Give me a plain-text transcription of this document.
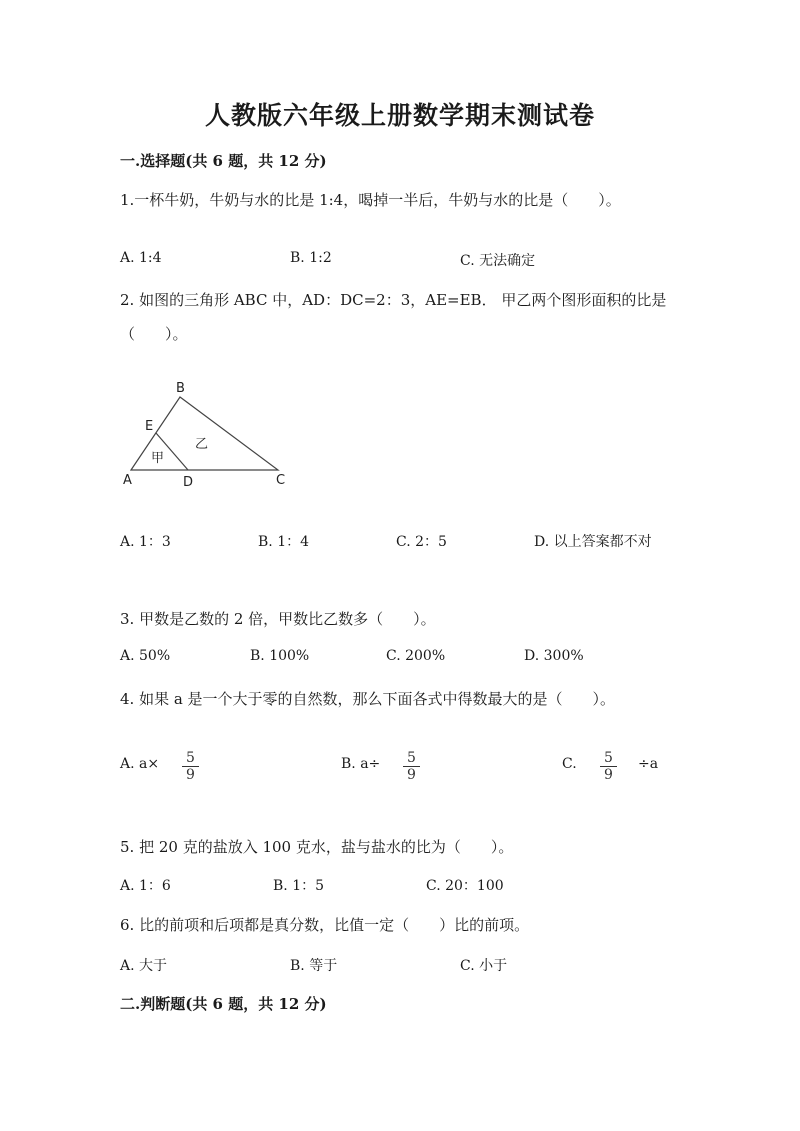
人教版六年级上册数学期末测试卷
一.选择题(共 6 题，共 12 分)
1.一杯牛奶，牛奶与水的比是 1:4，喝掉一半后，牛奶与水的比是（　　）。
A. 1:4	B. 1:2	C. 无法确定
2. 如图的三角形 ABC 中，AD：DC=2：3，AE=EB． 甲乙两个图形面积的比是
（　　）。
B
E
A	D	C
甲
乙
A. 1：3	B. 1：4	C. 2：5	D. 以上答案都不对
3. 甲数是乙数的 2 倍，甲数比乙数多（　　）。
A. 50%	B. 100%	C. 200%	D. 300%
4. 如果 a 是一个大于零的自然数，那么下面各式中得数最大的是（　　）。
A. $a\times \frac{5}{9}$	B. $a\div \frac{5}{9}$	C. $\frac{5}{9} \div a$
5. 把 20 克的盐放入 100 克水，盐与盐水的比为（　　）。
A. 1：6	B. 1：5	C. 20：100
6. 比的前项和后项都是真分数，比值一定（　　）比的前项。
A. 大于	B. 等于	C. 小于
二.判断题(共 6 题，共 12 分)
